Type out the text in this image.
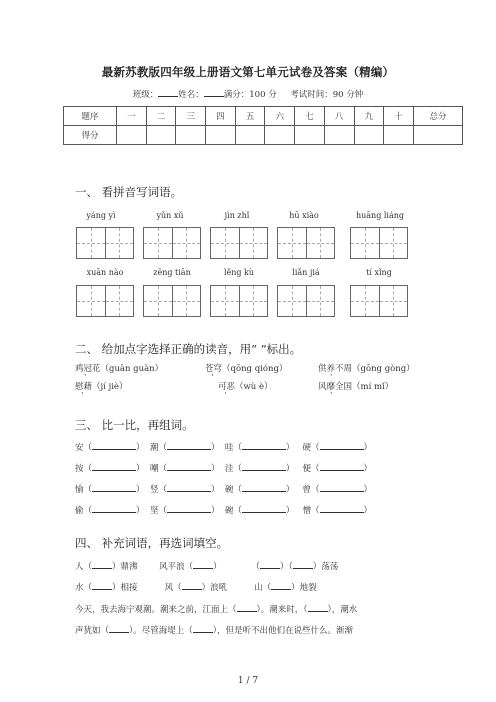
最新苏教版四年级上册语文第七单元试卷及答案（精编）
班级： 姓名： 满分：100 分 考试时间：90 分钟
题序	一	二	三	四	五	六	七	八	九	十	总分
得分											
一、 看拼音写词语。
yáng yì	yǔn xǔ	jìn zhǐ	hū xiào	huāng liáng
xuān nào	zēng tiān	lěng kù	liǎn jiá	tí xǐng
二、 给加点字选择正确的读音，用“ ”标出。
鸡冠花（guān guàn）	苍穹（qōng qióng）	供养不周（gōng gòng）
慰藉（jí jiè）	可恶（wù è）	风靡全国（mí mǐ）
三、 比一比，再组词。
安（	）  潮（	）  哇（	）   硬（	）
按（	）  嘲（	）  洼（	）   便（	）
愉（	）  竖（	）  碗（	）   曾（	）
偷（	）  坚（	）  碗（	）   憎（	）
四、 补充词语，再选词填空。
人（ ）鼎沸	风平浪（ ）	（ ）（ ）荡荡
水（ ）相接	风（ ）浪吼	山（ ）地裂
今天，我去海宁观潮。潮来之前，江面上（ ）。潮来时，（ ），潮水
声犹如（ ）。尽管海堤上（ ），但是听不出他们在说些什么。渐渐
1 / 7
